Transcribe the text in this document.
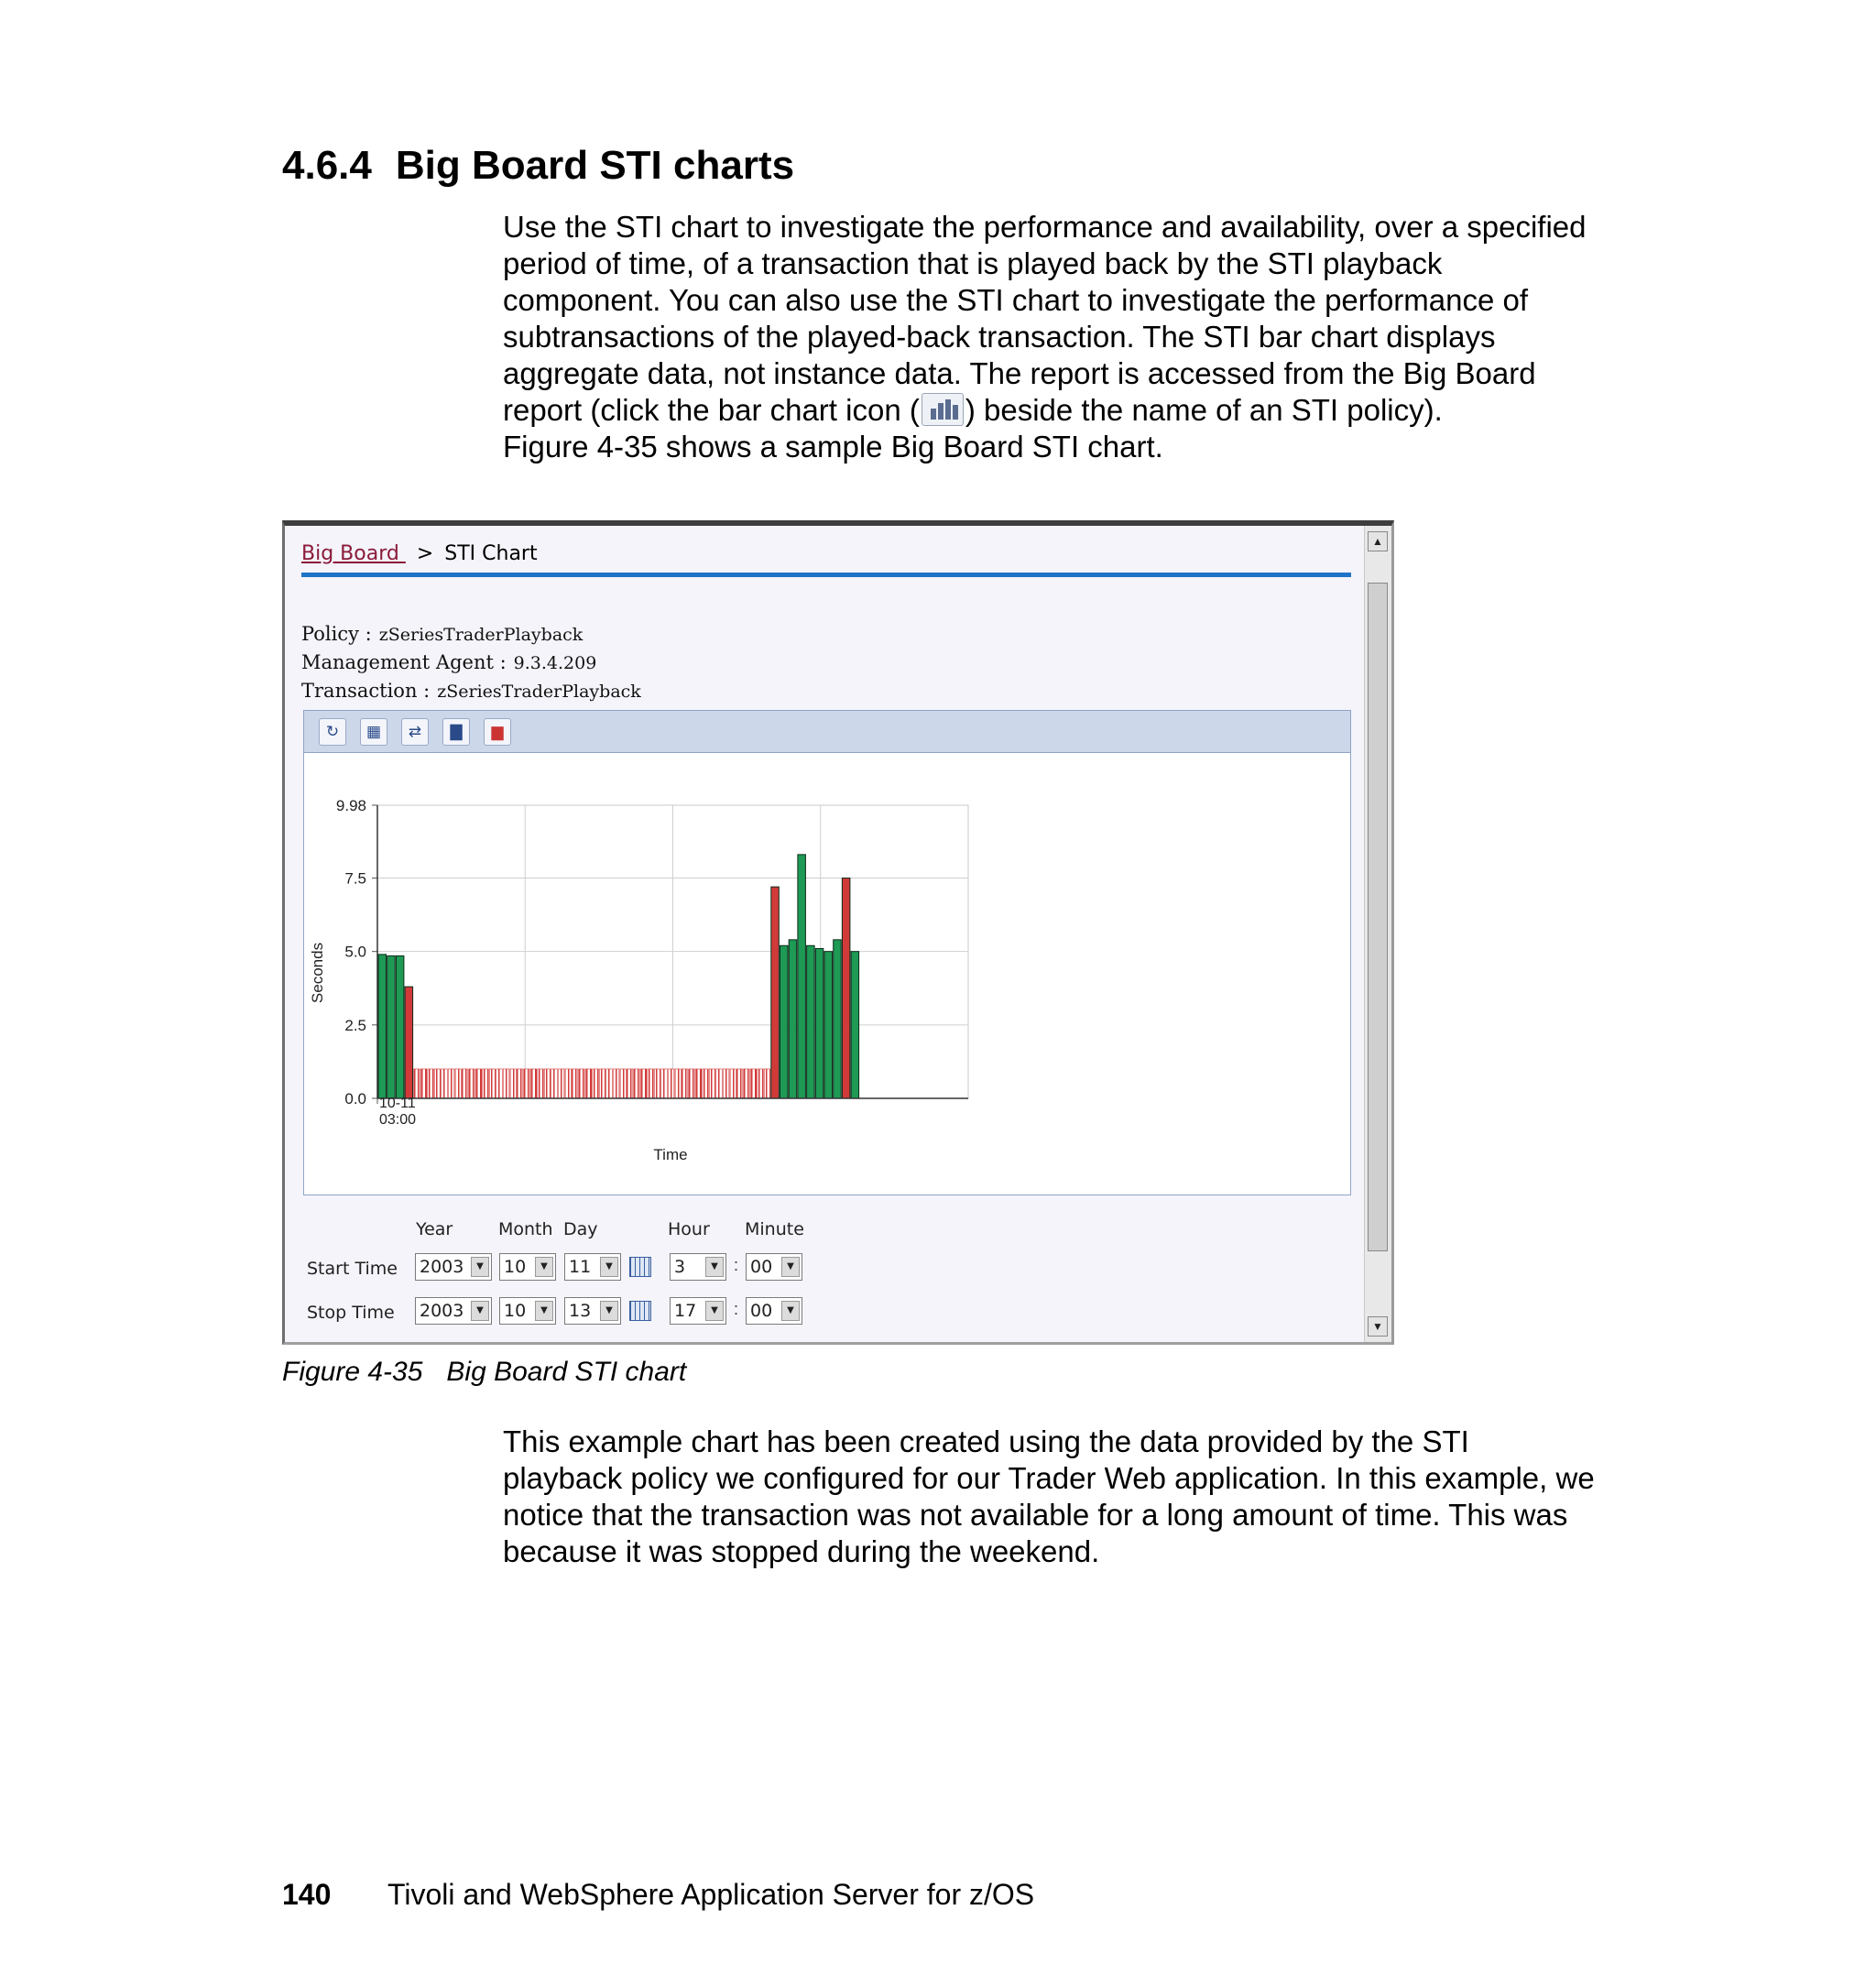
4.6.4 Big Board STI charts

Use the STI chart to investigate the performance and availability, over a specified
period of time, of a transaction that is played back by the STI playback
component. You can also use the STI chart to investigate the performance of
subtransactions of the played-back transaction. The STI bar chart displays
aggregate data, not instance data. The report is accessed from the Big Board
report (click the bar chart icon ( ) beside the name of an STI policy).
Figure 4-35 shows a sample Big Board STI chart.

Big Board > STI Chart
Policy : zSeriesTraderPlayback
Management Agent : 9.3.4.209
Transaction : zSeriesTraderPlayback
↻	▦	⇄	▇	▆
9.98
7.5
5.0
2.5
0.0
Seconds
Time
10-11
03:00
Year	Month Day	Hour Minute
Start Time 2003	▼	10	▼	11	▼	3	▼ : 00	▼
Stop Time 2003	▼	10	▼	13	▼	17	▼ : 00	▼
▲
▼

Figure 4-35 Big Board STI chart

This example chart has been created using the data provided by the STI
playback policy we configured for our Trader Web application. In this example, we
notice that the transaction was not available for a long amount of time. This was
because it was stopped during the weekend.

140 Tivoli and WebSphere Application Server for z/OS
